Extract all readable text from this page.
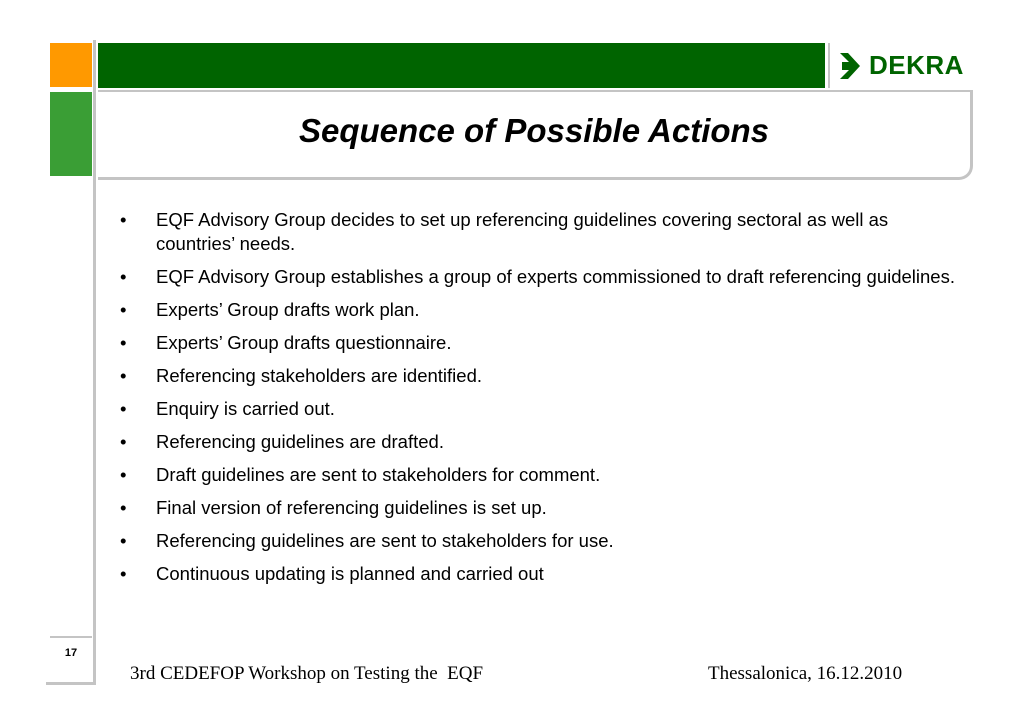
DEKRA
Sequence of Possible Actions
• EQF Advisory Group decides to set up referencing guidelines covering sectoral as well as countries’ needs.
• EQF Advisory Group establishes a group of experts commissioned to draft referencing guidelines.
• Experts’ Group drafts work plan.
• Experts’ Group drafts questionnaire.
• Referencing stakeholders are identified.
• Enquiry is carried out.
• Referencing guidelines are drafted.
• Draft guidelines are sent to stakeholders for comment.
• Final version of referencing guidelines is set up.
• Referencing guidelines are sent to stakeholders for use.
• Continuous updating is planned and carried out
17
3rd CEDEFOP Workshop on Testing the  EQF	Thessalonica, 16.12.2010
